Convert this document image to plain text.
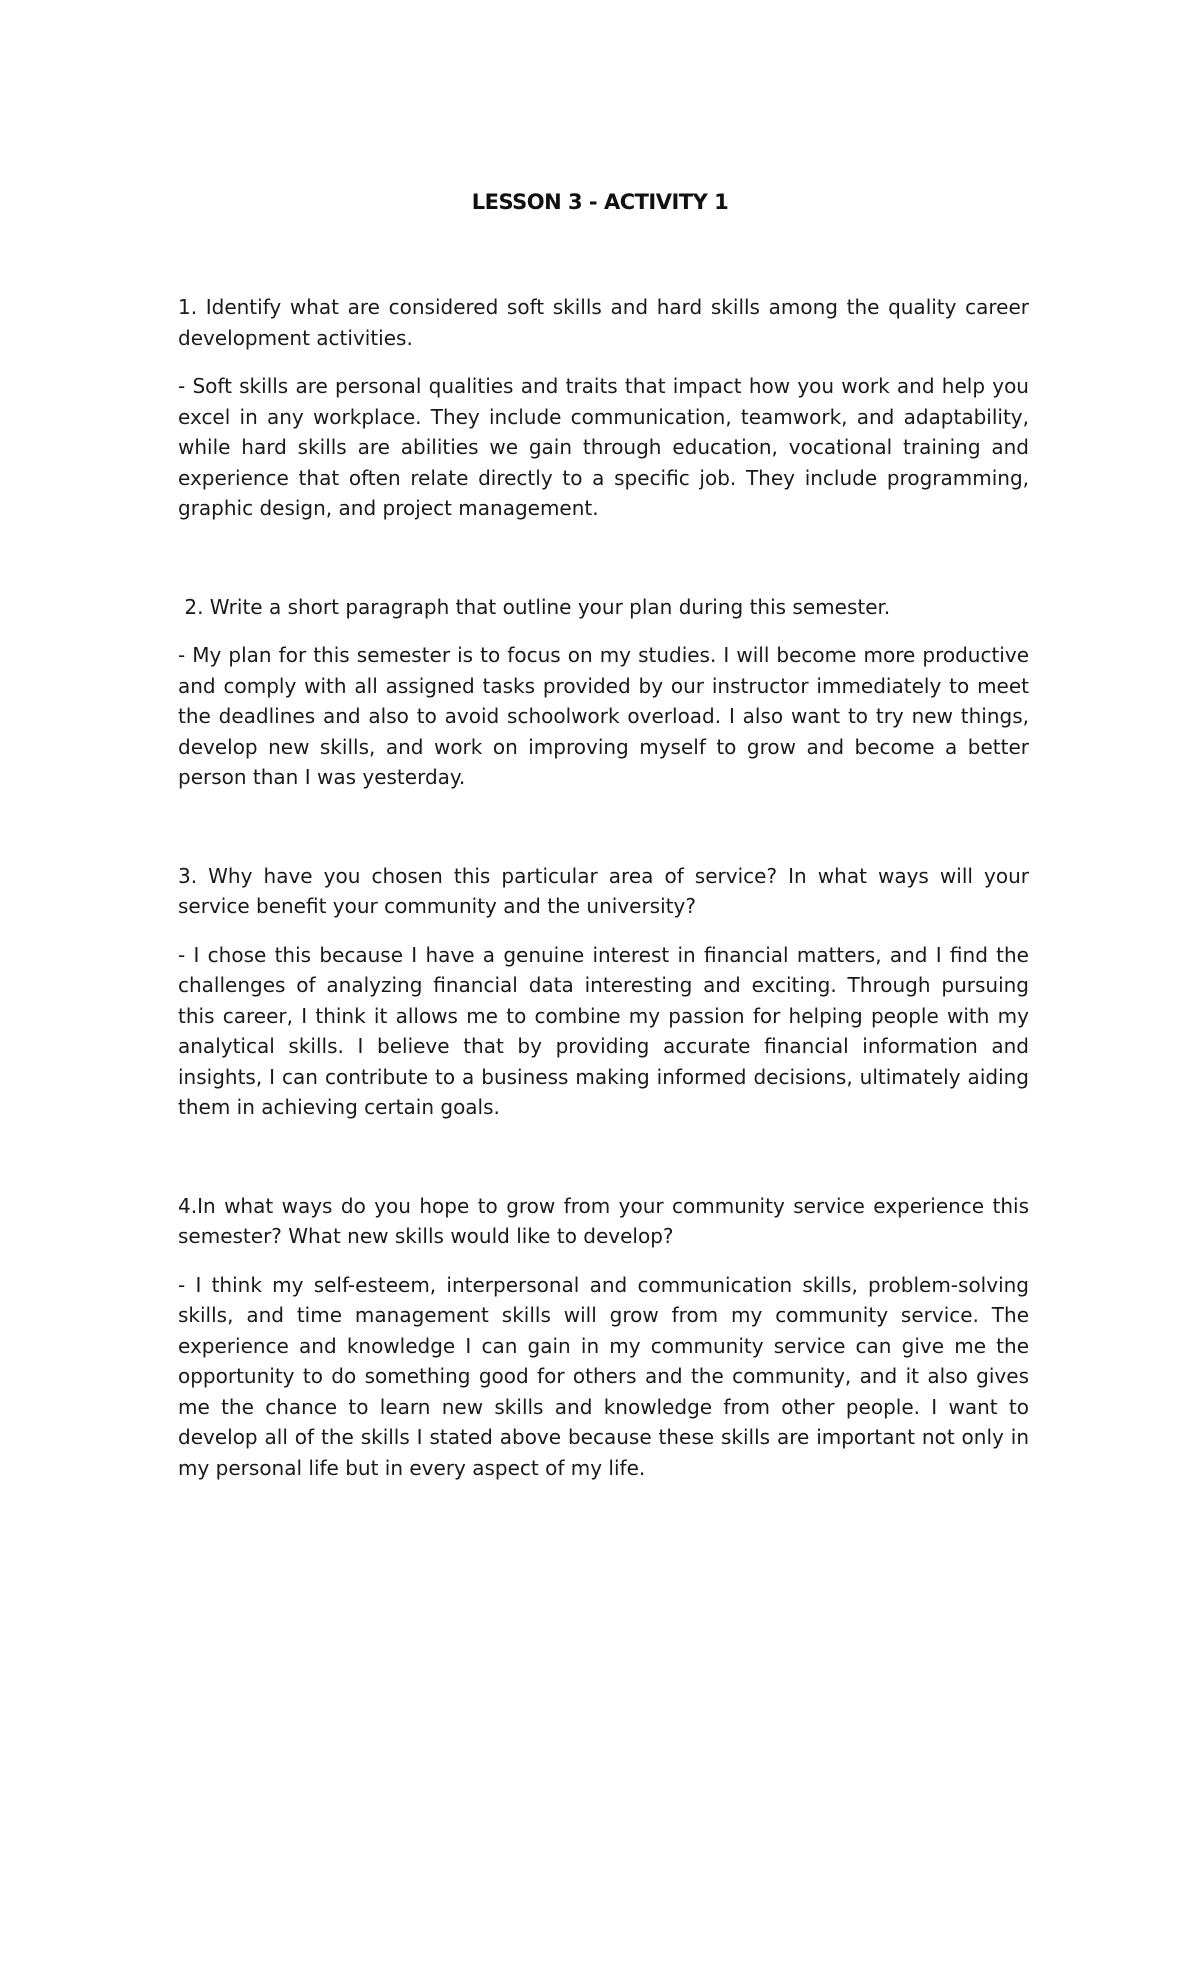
LESSON 3 - ACTIVITY 1

1. Identify what are considered soft skills and hard skills among the quality career development activities.

- Soft skills are personal qualities and traits that impact how you work and help you excel in any workplace. They include communication, teamwork, and adaptability, while hard skills are abilities we gain through education, vocational training and experience that often relate directly to a specific job. They include programming, graphic design, and project management.

2. Write a short paragraph that outline your plan during this semester.

- My plan for this semester is to focus on my studies. I will become more productive and comply with all assigned tasks provided by our instructor immediately to meet the deadlines and also to avoid schoolwork overload. I also want to try new things, develop new skills, and work on improving myself to grow and become a better person than I was yesterday.

3. Why have you chosen this particular area of service? In what ways will your service benefit your community and the university?

- I chose this because I have a genuine interest in financial matters, and I find the challenges of analyzing financial data interesting and exciting. Through pursuing this career, I think it allows me to combine my passion for helping people with my analytical skills. I believe that by providing accurate financial information and insights, I can contribute to a business making informed decisions, ultimately aiding them in achieving certain goals.

4.In what ways do you hope to grow from your community service experience this semester? What new skills would like to develop?

- I think my self-esteem, interpersonal and communication skills, problem-solving skills, and time management skills will grow from my community service. The experience and knowledge I can gain in my community service can give me the opportunity to do something good for others and the community, and it also gives me the chance to learn new skills and knowledge from other people. I want to develop all of the skills I stated above because these skills are important not only in my personal life but in every aspect of my life.
